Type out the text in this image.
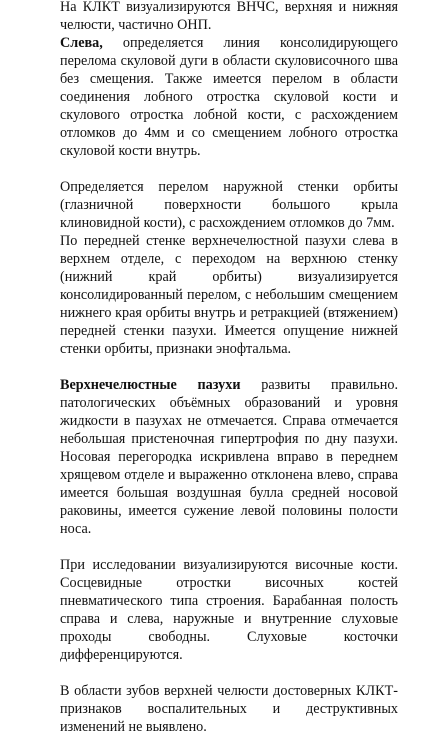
На КЛКТ визуализируются ВНЧС, верхняя и нижняя челюсти, частично ОНП.

Слева, определяется линия консолидирующего перелома скуловой дуги в области скуловисочного шва без смещения. Также имеется перелом в области соединения лобного отростка скуловой кости и скулового отростка лобной кости, с расхождением отломков до 4мм и со смещением лобного отростка скуловой кости внутрь.

Определяется перелом наружной стенки орбиты (глазничной поверхности большого крыла клиновидной кости), с расхождением отломков до 7мм.

По передней стенке верхнечелюстной пазухи слева в верхнем отделе, с переходом на верхнюю стенку (нижний край орбиты) визуализируется консолидированный перелом, с небольшим смещением нижнего края орбиты внутрь и ретракцией (втяжением) передней стенки пазухи. Имеется опущение нижней стенки орбиты, признаки энофтальма.

Верхнечелюстные пазухи развиты правильно. патологических объёмных образований и уровня жидкости в пазухах не отмечается. Справа отмечается небольшая пристеночная гипертрофия по дну пазухи. Носовая перегородка искривлена вправо в переднем хрящевом отделе и выраженно отклонена влево, справа имеется большая воздушная булла средней носовой раковины, имеется сужение левой половины полости носа.

При исследовании визуализируются височные кости. Сосцевидные отростки височных костей пневматического типа строения. Барабанная полость справа и слева, наружные и внутренние слуховые проходы свободны. Слуховые косточки дифференцируются.

В области зубов верхней челюсти достоверных КЛКТ-признаков воспалительных и деструктивных изменений не выявлено.
